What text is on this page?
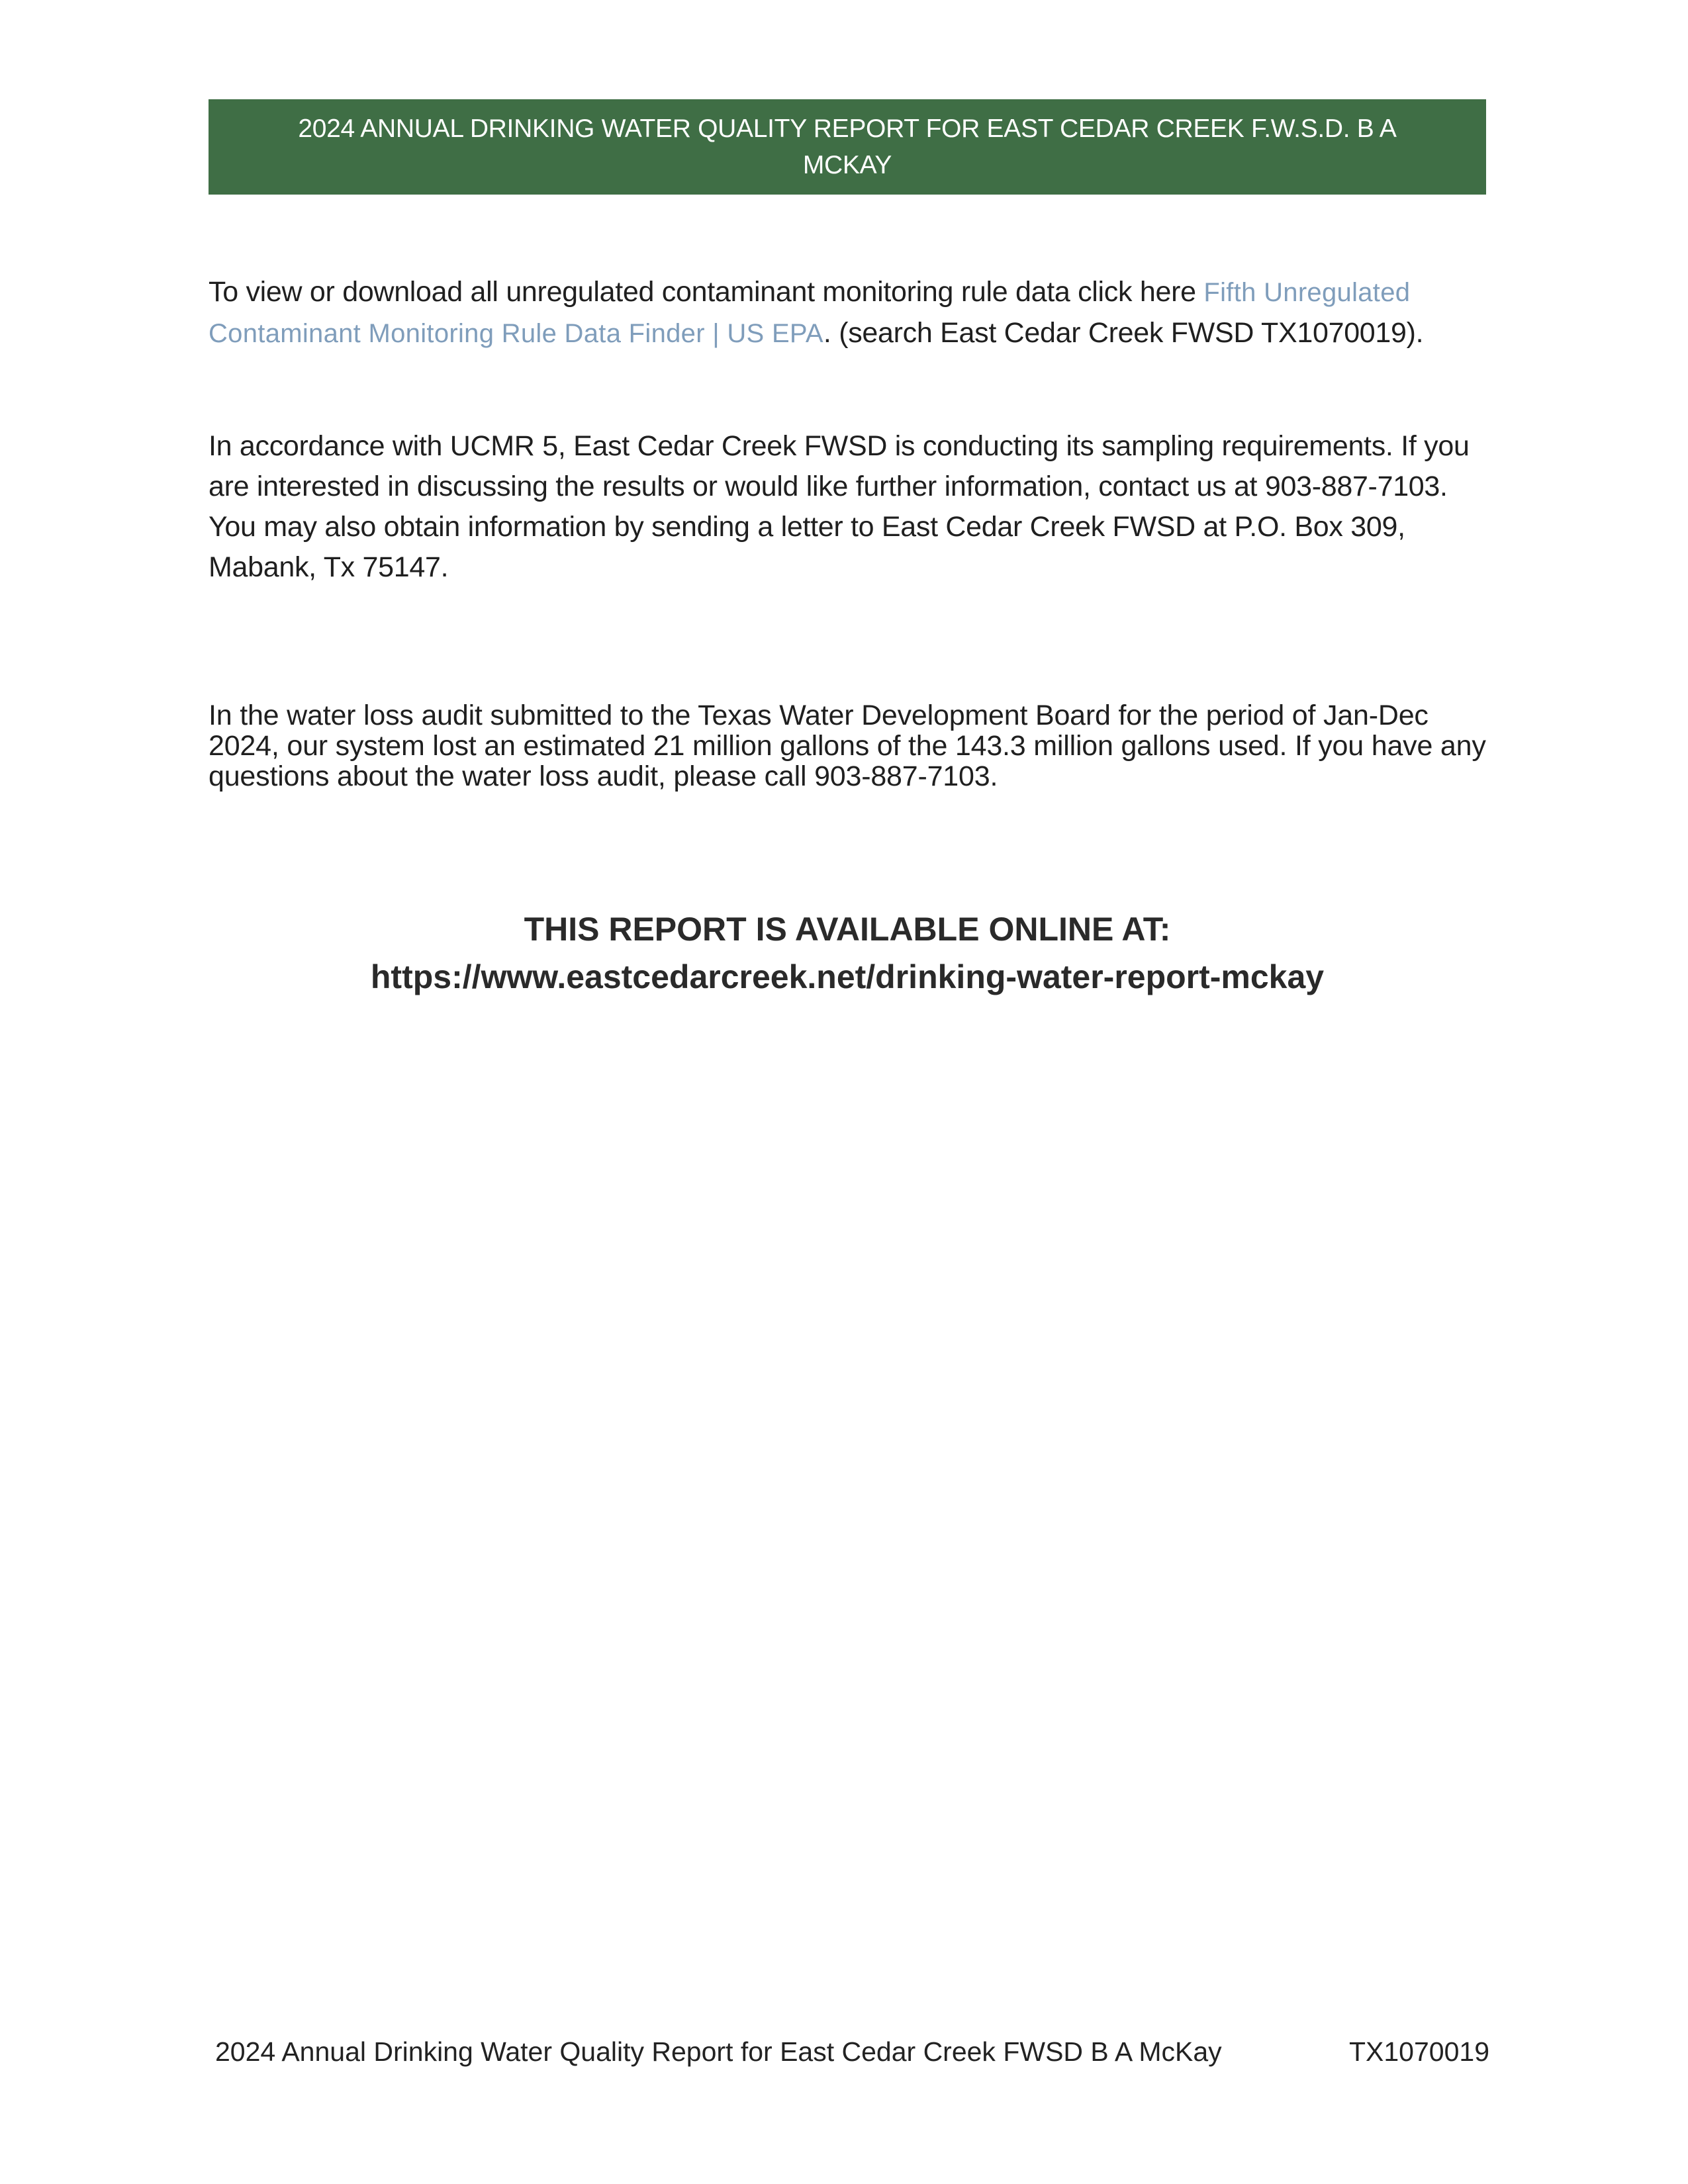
2024 ANNUAL DRINKING WATER QUALITY REPORT FOR EAST CEDAR CREEK F.W.S.D. B A MCKAY

To view or download all unregulated contaminant monitoring rule data click here Fifth Unregulated Contaminant Monitoring Rule Data Finder | US EPA. (search East Cedar Creek FWSD TX1070019).

In accordance with UCMR 5, East Cedar Creek FWSD is conducting its sampling requirements. If you are interested in discussing the results or would like further information, contact us at 903-887-7103. You may also obtain information by sending a letter to East Cedar Creek FWSD at P.O. Box 309, Mabank, Tx 75147.

In the water loss audit submitted to the Texas Water Development Board for the period of Jan-Dec 2024, our system lost an estimated 21 million gallons of the 143.3 million gallons used. If you have any questions about the water loss audit, please call 903-887-7103.

THIS REPORT IS AVAILABLE ONLINE AT:

https://www.eastcedarcreek.net/drinking-water-report-mckay

2024 Annual Drinking Water Quality Report for East Cedar Creek FWSD B A McKay	TX1070019
